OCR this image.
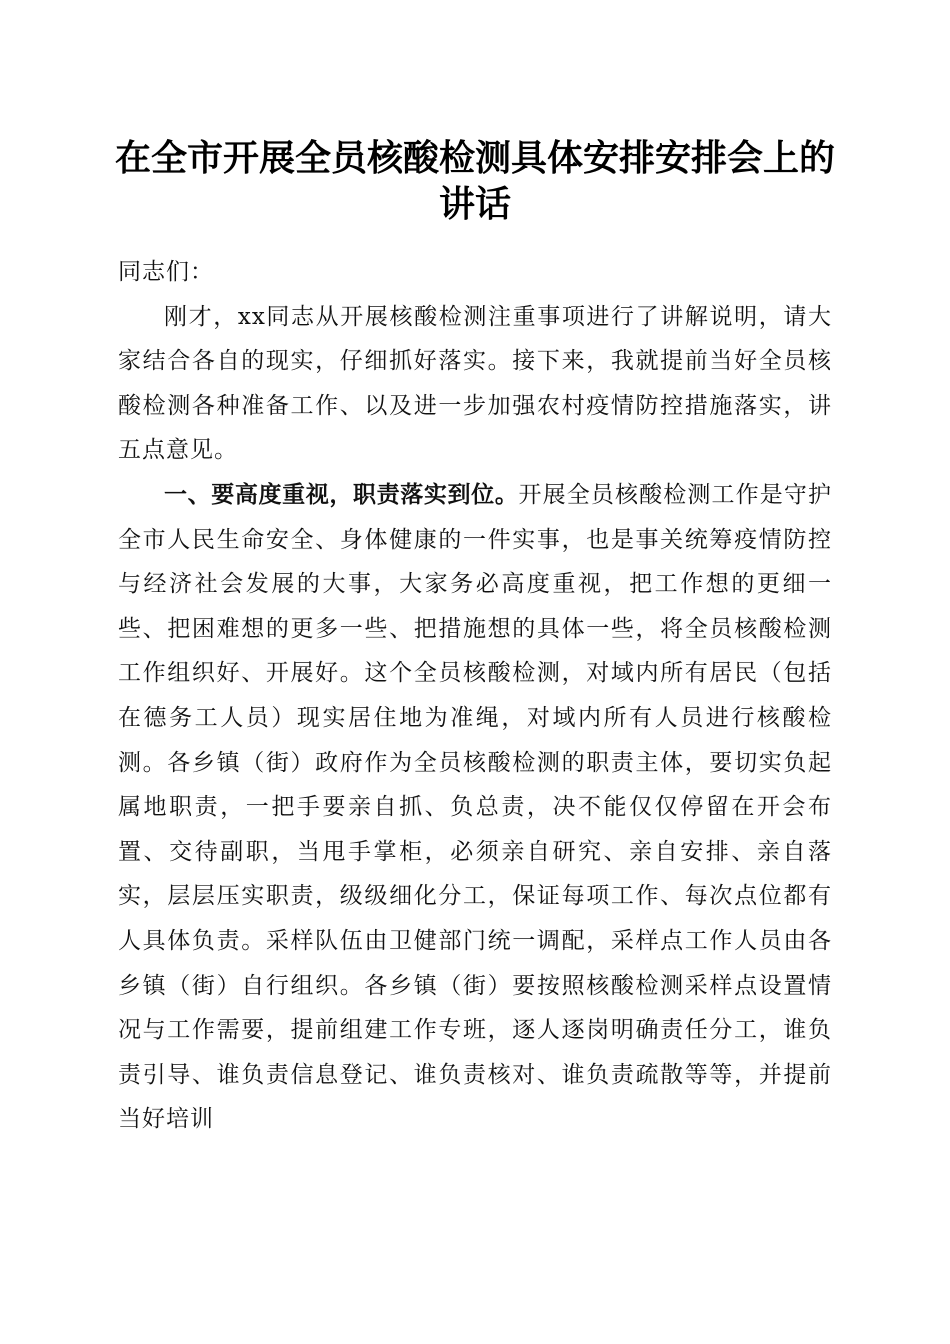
在全市开展全员核酸检测具体安排安排会上的
讲话

同志们：

刚才，xx同志从开展核酸检测注重事项进行了讲解说明，请大家结合各自的现实，仔细抓好落实。接下来，我就提前当好全员核酸检测各种准备工作、以及进一步加强农村疫情防控措施落实，讲五点意见。

一、要高度重视，职责落实到位。开展全员核酸检测工作是守护全市人民生命安全、身体健康的一件实事，也是事关统筹疫情防控与经济社会发展的大事，大家务必高度重视，把工作想的更细一些、把困难想的更多一些、把措施想的具体一些，将全员核酸检测工作组织好、开展好。这个全员核酸检测，对域内所有居民（包括在德务工人员）现实居住地为准绳，对域内所有人员进行核酸检测。各乡镇（街）政府作为全员核酸检测的职责主体，要切实负起属地职责，一把手要亲自抓、负总责，决不能仅仅停留在开会布置、交待副职，当甩手掌柜，必须亲自研究、亲自安排、亲自落实，层层压实职责，级级细化分工，保证每项工作、每次点位都有人具体负责。采样队伍由卫健部门统一调配，采样点工作人员由各乡镇（街）自行组织。各乡镇（街）要按照核酸检测采样点设置情况与工作需要，提前组建工作专班，逐人逐岗明确责任分工，谁负责引导、谁负责信息登记、谁负责核对、谁负责疏散等等，并提前当好培训
